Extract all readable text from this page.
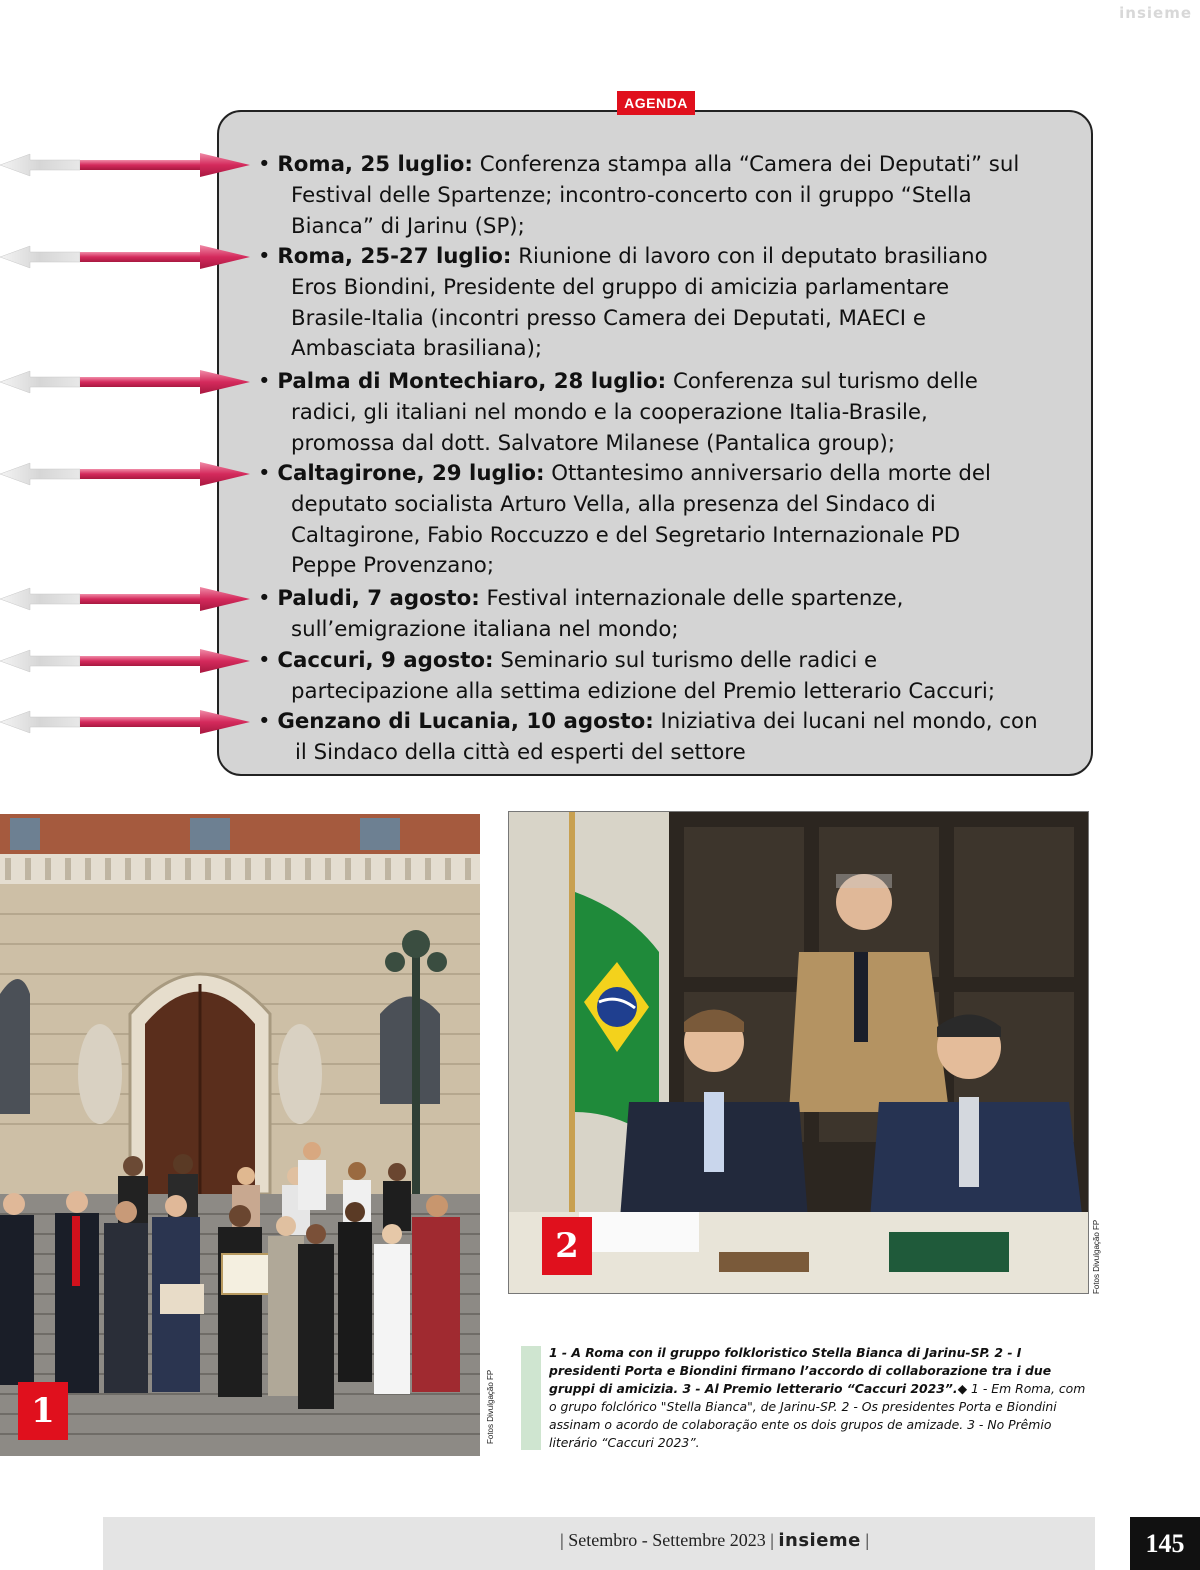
insieme
AGENDA
• Roma, 25 luglio: Conferenza stampa alla “Camera dei Deputati” sul
Festival delle Spartenze; incontro-concerto con il gruppo “Stella
Bianca” di Jarinu (SP);
• Roma, 25-27 luglio: Riunione di lavoro con il deputato brasiliano
Eros Biondini, Presidente del gruppo di amicizia parlamentare
Brasile-Italia (incontri presso Camera dei Deputati, MAECI e
Ambasciata brasiliana);
• Palma di Montechiaro, 28 luglio: Conferenza sul turismo delle
radici, gli italiani nel mondo e la cooperazione Italia-Brasile,
promossa dal dott. Salvatore Milanese (Pantalica group);
• Caltagirone, 29 luglio: Ottantesimo anniversario della morte del
deputato socialista Arturo Vella, alla presenza del Sindaco di
Caltagirone, Fabio Roccuzzo e del Segretario Internazionale PD
Peppe Provenzano;
• Paludi, 7 agosto: Festival internazionale delle spartenze,
sull’emigrazione italiana nel mondo;
• Caccuri, 9 agosto: Seminario sul turismo delle radici e
partecipazione alla settima edizione del Premio letterario Caccuri;
• Genzano di Lucania, 10 agosto: Iniziativa dei lucani nel mondo, con
il Sindaco della città ed esperti del settore
1	Fotos Divulgação FP
2	Fotos Divulgação FP
1 - A Roma con il gruppo folkloristico Stella Bianca di Jarinu-SP. 2 - I presidenti Porta e Biondini firmano l’accordo di collaborazione tra i due gruppi di amicizia. 3 - Al Premio letterario “Caccuri 2023”.◆ 1 - Em Roma, com o grupo folclórico "Stella Bianca", de Jarinu-SP. 2 - Os presidentes Porta e Biondini assinam o acordo de colaboração ente os dois grupos de amizade. 3 - No Prêmio literário “Caccuri 2023”.
| Setembro - Settembre 2023 | insieme |	145
